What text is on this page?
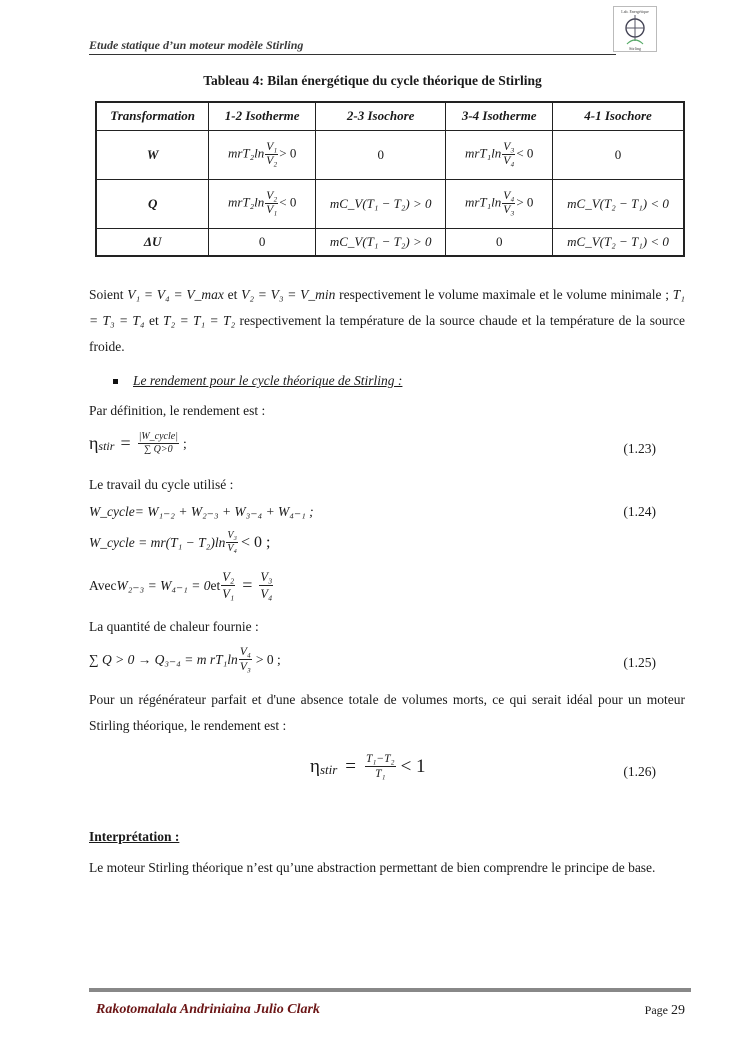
Etude statique d’un moteur modèle Stirling
Lab. Energétique
Stirling
Tableau 4: Bilan énergétique du cycle théorique de Stirling
Transformation	1-2 Isotherme	2-3 Isochore	3-4 Isotherme	4-1 Isochore
W	$mrT_2\ln \frac{\text{V₁}}{\text{V₂}} > 0$	0	$mrT_1\ln \frac{\text{V₃}}{\text{V₄}} < 0$	0
Q	$mrT_2\ln \frac{\text{V₂}}{\text{V₁}} < 0$	mC_V(T₁ − T₂) > 0	$mrT_1\ln \frac{\text{V₄}}{\text{V₃}} > 0$	mC_V(T₂ − T₁) < 0
ΔU	0	mC_V(T₁ − T₂) > 0	0	mC_V(T₂ − T₁) < 0
Soient V₁ = V₄ = V_max et V₂ = V₃ = V_min respectivement le volume maximale et le volume minimale ; T₁ = T₃ = T₄ et T₂ = T₁ = T₂ respectivement la température de la source chaude et la température de la source froide.
Le rendement pour le cycle théorique de Stirling :
Par définition, le rendement est :
η stir = $\frac{\text{|W\_cycle|}}{\sum Q>0}$ ;	(1.23)
Le travail du cycle utilisé :
W_cycle= W₁₋₂ + W₂₋₃ + W₃₋₄ + W₄₋₁ ;	(1.24)
W_cycle = $mr(T_1 - T_2)\ln \frac{\text{V₃}}{\text{V₄}} < 0$ ;
Avec W₂₋₃ = W₄₋₁ = 0 et $\frac{\text{V₂}}{\text{V₁}} = \frac{\text{V₃}}{\text{V₄}}$
La quantité de chaleur fournie :
∑ Q > 0 → Q₃₋₄ = m $rT_1\ln \frac{\text{V₄}}{\text{V₃}} > 0$ ;	(1.25)
Pour un régénérateur parfait et d'une absence totale de volumes morts, ce qui serait idéal pour un moteur Stirling théorique, le rendement est :
η stir = $\frac{\text{T₁−T₂}}{\text{T₁}} < 1$	(1.26)
Interprétation :
Le moteur Stirling théorique n’est qu’une abstraction permettant de bien comprendre le principe de base.
Rakotomalala Andriniaina Julio Clark	Page 29
